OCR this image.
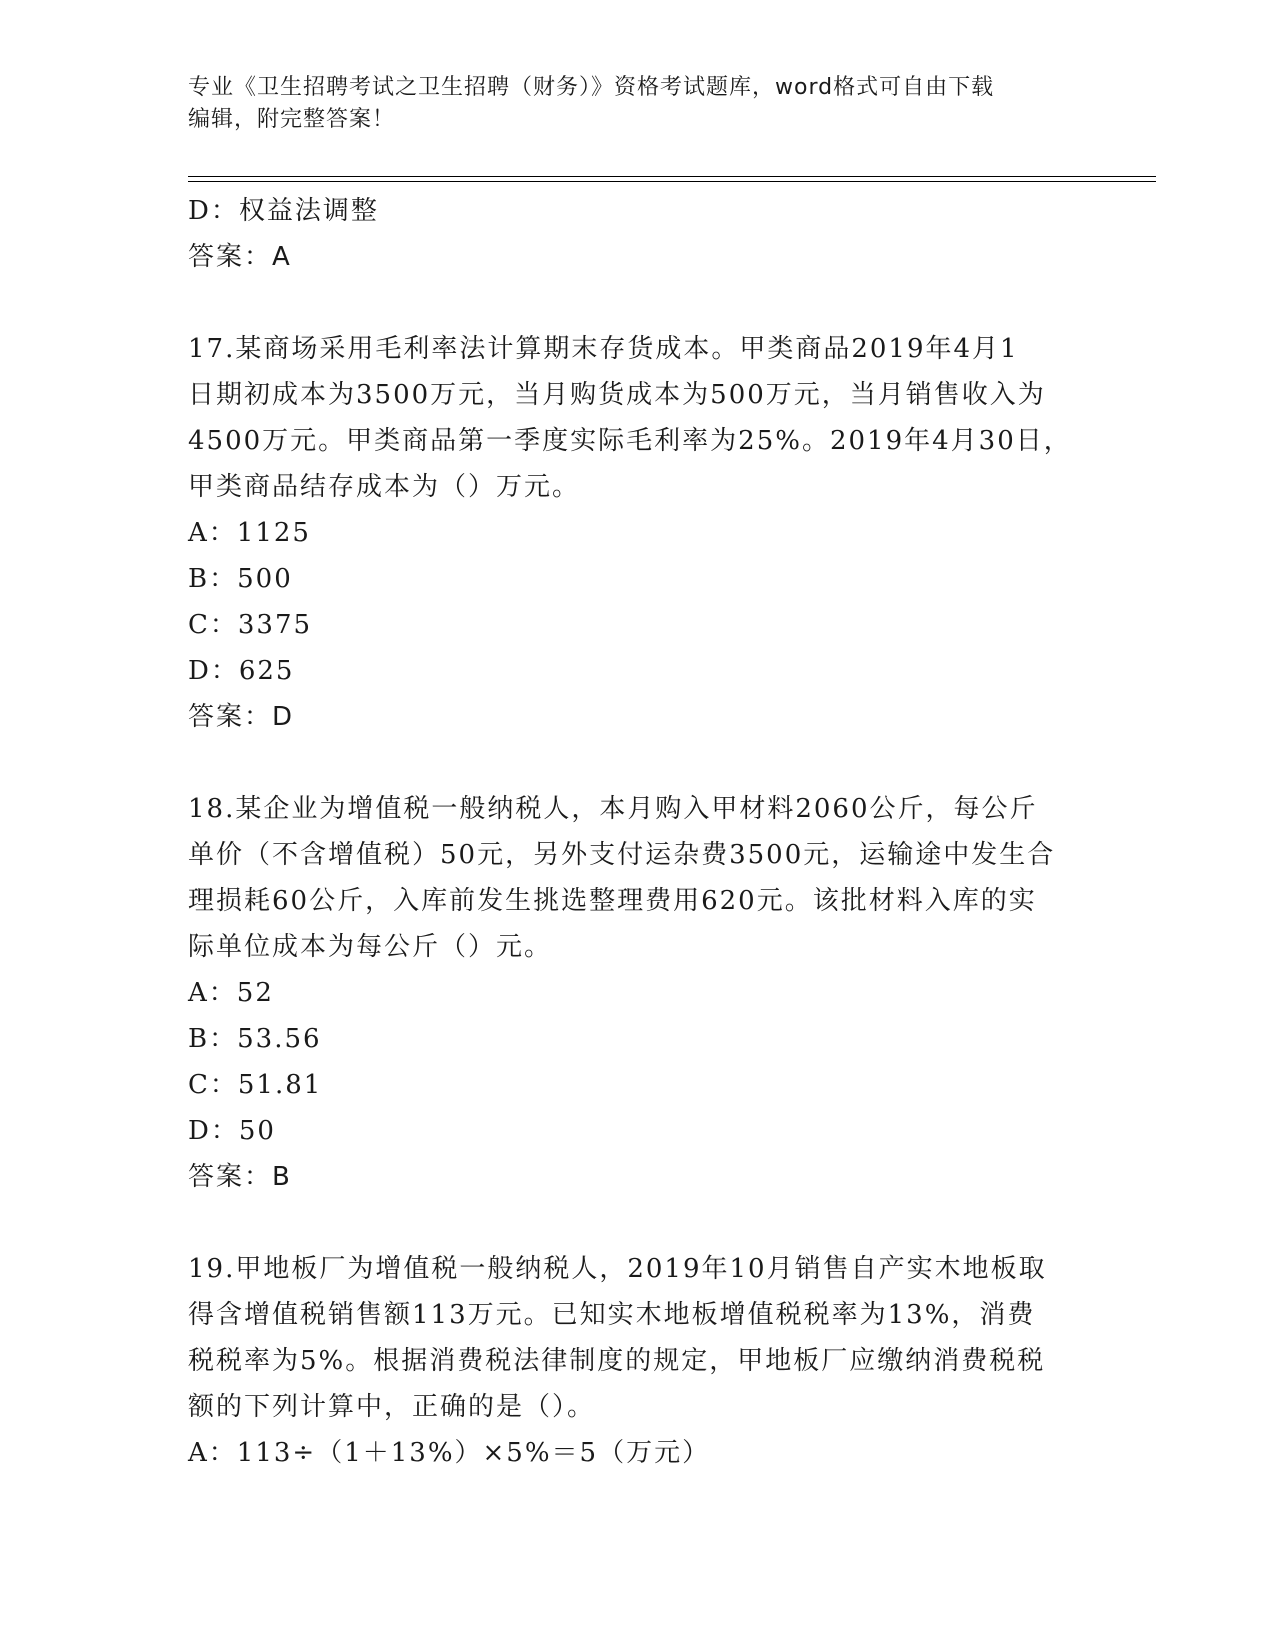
专业《卫生招聘考试之卫生招聘（财务）》资格考试题库，word格式可自由下载
编辑，附完整答案！
D：权益法调整
答案：A
17.某商场采用毛利率法计算期末存货成本。甲类商品2019年4月1
日期初成本为3500万元，当月购货成本为500万元，当月销售收入为
4500万元。甲类商品第一季度实际毛利率为25%。2019年4月30日，
甲类商品结存成本为（）万元。
A：1125
B：500
C：3375
D：625
答案：D
18.某企业为增值税一般纳税人，本月购入甲材料2060公斤，每公斤
单价（不含增值税）50元，另外支付运杂费3500元，运输途中发生合
理损耗60公斤，入库前发生挑选整理费用620元。该批材料入库的实
际单位成本为每公斤（）元。
A：52
B：53.56
C：51.81
D：50
答案：B
19.甲地板厂为增值税一般纳税人，2019年10月销售自产实木地板取
得含增值税销售额113万元。已知实木地板增值税税率为13%，消费
税税率为5%。根据消费税法律制度的规定，甲地板厂应缴纳消费税税
额的下列计算中，正确的是（）。
A：113÷（1＋13%）×5%＝5（万元）
